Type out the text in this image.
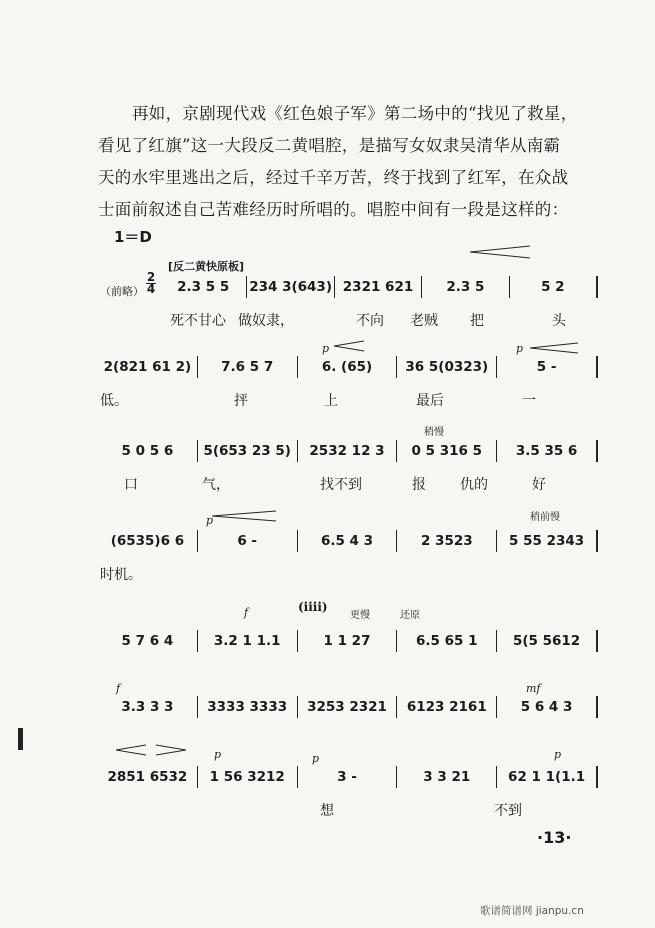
再如，京剧现代戏《红色娘子军》第二场中的“找见了救星，
看见了红旗”这一大段反二黄唱腔，是描写女奴隶吴清华从南霸
天的水牢里逃出之后，经过千辛万苦，终于找到了红军，在众战
士面前叙述自己苦难经历时所唱的。唱腔中间有一段是这样的：
1＝D
[反二黄快原板]
（前略）
2
4	2.3 5 5	234 3(643) 2321 621	2.3 5	5 2
死不甘心 做奴隶，	不向 老贼 把	头
p	p
2(821 61 2)	7.6 5 7	6. (65)	36 5(0323)	5 -
低。	抨	上	最后	一
稍慢
5 0 5 6	5(653 23 5)	2532 12 3	0 5 316 5	3.5 35 6
口	气，	找不到	报 仇的	好
p	稍前慢
(6535)6 6	6 -	6.5 4 3	2 3523	5 55 2343
时机。
f	(iiii)
更慢	还原
5 7 6 4	3.2 1 1.1	1 1 27	6.5 65 1	5(5 5612
f	mf
3.3 3 3	3333 3333	3253 2321	6123 2161	5 6 4 3
p	p	p
2851 6532	1 56 3212	3 -	3 3 21	62 1 1(1.1
想	不到
·13·
歌谱简谱网 jianpu.cn
